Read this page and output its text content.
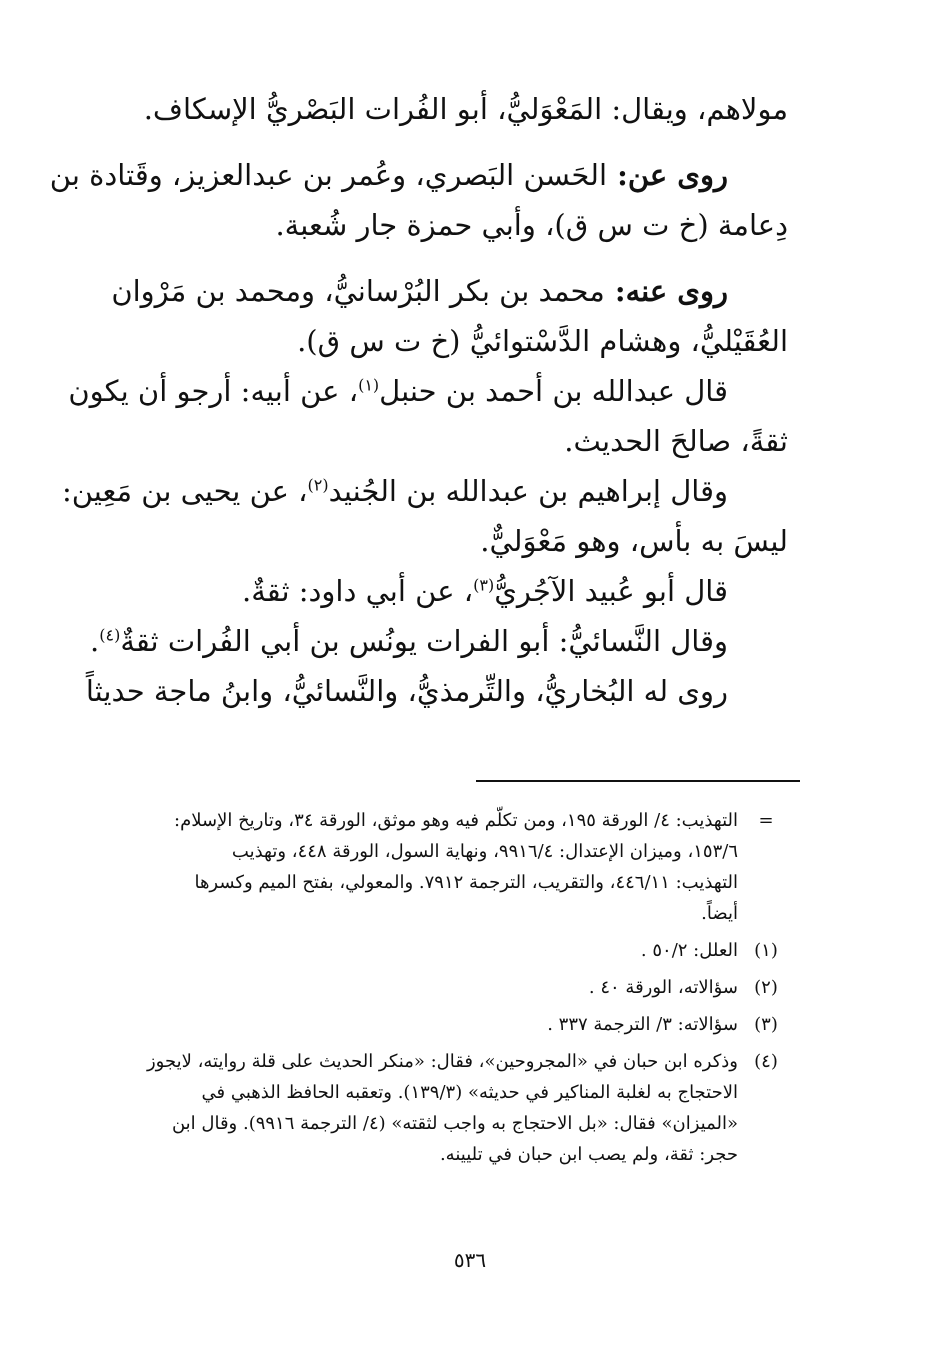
مولاهم، ويقال: المَعْوَليُّ، أبو الفُرات البَصْريُّ الإسكاف.
روى عن: الحَسن البَصري، وعُمر بن عبدالعزيز، وقَتادة بن
دِعامة (خ ت س ق)، وأبي حمزة جار شُعبة.
روى عنه: محمد بن بكر البُرْسانيُّ، ومحمد بن مَرْوان
العُقَيْليُّ، وهشام الدَّسْتوائيُّ (خ ت س ق).
قال عبدالله بن أحمد بن حنبل$^{(١)}$، عن أبيه: أرجو أن يكون
ثقةً، صالحَ الحديث.
وقال إبراهيم بن عبدالله بن الجُنيد$^{(٢)}$، عن يحيى بن مَعِين:
ليسَ به بأس، وهو مَعْوَليٌّ.
قال أبو عُبيد الآجُريُّ$^{(٣)}$، عن أبي داود: ثقةٌ.
وقال النَّسائيُّ: أبو الفرات يونُس بن أبي الفُرات ثقةٌ$^{(٤)}$.
روى له البُخاريُّ، والتِّرمذيُّ، والنَّسائيُّ، وابنُ ماجة حديثاً
=
التهذيب: ٤/ الورقة ١٩٥، ومن تكلّم فيه وهو موثق، الورقة ٣٤، وتاريخ الإسلام:
١٥٣/٦، وميزان الإعتدال: ٩٩١٦/٤، ونهاية السول، الورقة ٤٤٨، وتهذيب
التهذيب: ٤٤٦/١١، والتقريب، الترجمة ٧٩١٢. والمعولي، بفتح الميم وكسرها
أيضاً.
(١)
العلل: ٥٠/٢ .
(٢)
سؤالاته، الورقة ٤٠ .
(٣)
سؤالاته: ٣/ الترجمة ٣٣٧ .
(٤)
وذكره ابن حبان في «المجروحين»، فقال: «منكر الحديث على قلة روايته، لايجوز
الاحتجاج به لغلبة المناكير في حديثه» (١٣٩/٣). وتعقبه الحافظ الذهبي في
«الميزان» فقال: «بل الاحتجاج به واجب لثقته» (٤/ الترجمة ٩٩١٦). وقال ابن
حجر: ثقة، ولم يصب ابن حبان في تليينه.
٥٣٦
